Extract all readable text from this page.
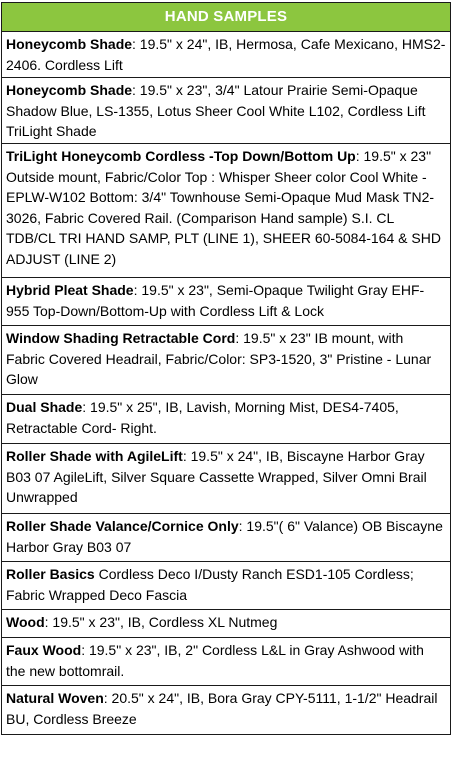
HAND SAMPLES
Honeycomb Shade: 19.5" x 24", IB, Hermosa, Cafe Mexicano, HMS2-2406. Cordless Lift
Honeycomb Shade: 19.5" x 23", 3/4" Latour Prairie Semi-Opaque Shadow Blue, LS-1355, Lotus Sheer Cool White L102, Cordless Lift TriLight Shade
TriLight Honeycomb Cordless -Top Down/Bottom Up: 19.5" x 23" Outside mount, Fabric/Color Top : Whisper Sheer color Cool White - EPLW-W102 Bottom: 3/4" Townhouse Semi-Opaque Mud Mask TN2-3026, Fabric Covered Rail. (Comparison Hand sample) S.I. CL TDB/CL TRI HAND SAMP, PLT (LINE 1), SHEER 60-5084-164 & SHD ADJUST (LINE 2)
Hybrid Pleat Shade: 19.5" x 23", Semi-Opaque Twilight Gray EHF-955 Top-Down/Bottom-Up with Cordless Lift & Lock
Window Shading Retractable Cord: 19.5" x 23" IB mount, with Fabric Covered Headrail, Fabric/Color: SP3-1520, 3" Pristine - Lunar Glow
Dual Shade: 19.5" x 25", IB, Lavish, Morning Mist, DES4-7405, Retractable Cord- Right.
Roller Shade with AgileLift: 19.5" x 24", IB, Biscayne Harbor Gray B03 07 AgileLift, Silver Square Cassette Wrapped, Silver Omni Brail Unwrapped
Roller Shade Valance/Cornice Only: 19.5"( 6" Valance) OB Biscayne Harbor Gray B03 07
Roller Basics Cordless Deco I/Dusty Ranch ESD1-105 Cordless; Fabric Wrapped Deco Fascia
Wood: 19.5" x 23", IB, Cordless XL Nutmeg
Faux Wood: 19.5" x 23", IB, 2" Cordless L&L in Gray Ashwood with the new bottomrail.
Natural Woven: 20.5" x 24", IB, Bora Gray CPY-5111, 1-1/2" Headrail BU, Cordless Breeze
